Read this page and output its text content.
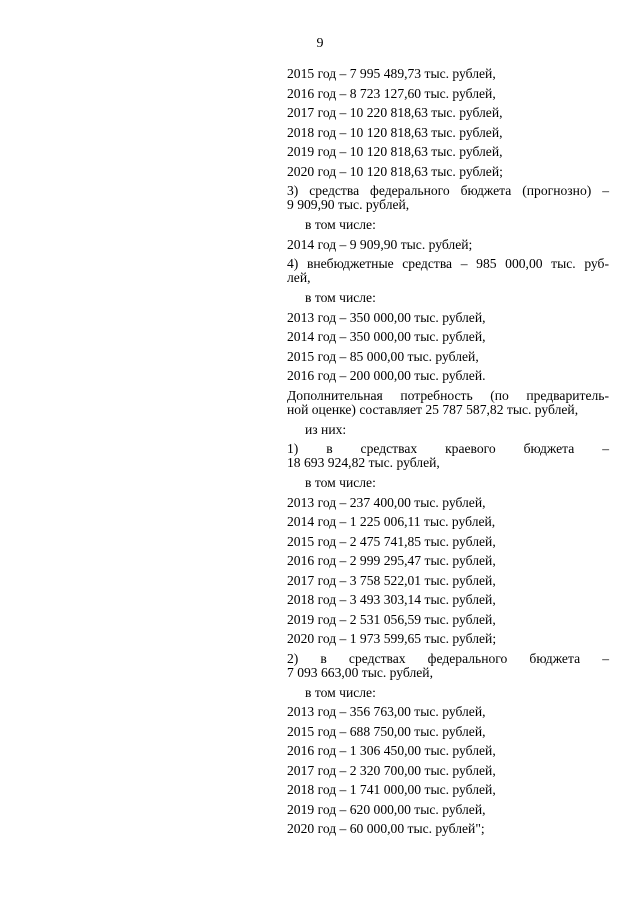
9
2015 год – 7 995 489,73 тыс. рублей,
2016 год – 8 723 127,60 тыс. рублей,
2017 год – 10 220 818,63 тыс. рублей,
2018 год – 10 120 818,63 тыс. рублей,
2019 год – 10 120 818,63 тыс. рублей,
2020 год – 10 120 818,63 тыс. рублей;
3) средства федерального бюджета (прогнозно) –
9 909,90 тыс. рублей,
в том числе:
2014 год – 9 909,90 тыс. рублей;
4) внебюджетные средства – 985 000,00 тыс. руб-
лей,
в том числе:
2013 год – 350 000,00 тыс. рублей,
2014 год – 350 000,00 тыс. рублей,
2015 год – 85 000,00 тыс. рублей,
2016 год – 200 000,00 тыс. рублей.
Дополнительная потребность (по предваритель-
ной оценке) составляет 25 787 587,82 тыс. рублей,
из них:
1) в средствах краевого бюджета –
18 693 924,82 тыс. рублей,
в том числе:
2013 год – 237 400,00 тыс. рублей,
2014 год – 1 225 006,11 тыс. рублей,
2015 год – 2 475 741,85 тыс. рублей,
2016 год – 2 999 295,47 тыс. рублей,
2017 год – 3 758 522,01 тыс. рублей,
2018 год – 3 493 303,14 тыс. рублей,
2019 год – 2 531 056,59 тыс. рублей,
2020 год – 1 973 599,65 тыс. рублей;
2) в средствах федерального бюджета –
7 093 663,00 тыс. рублей,
в том числе:
2013 год – 356 763,00 тыс. рублей,
2015 год – 688 750,00 тыс. рублей,
2016 год – 1 306 450,00 тыс. рублей,
2017 год – 2 320 700,00 тыс. рублей,
2018 год – 1 741 000,00 тыс. рублей,
2019 год – 620 000,00 тыс. рублей,
2020 год – 60 000,00 тыс. рублей";
